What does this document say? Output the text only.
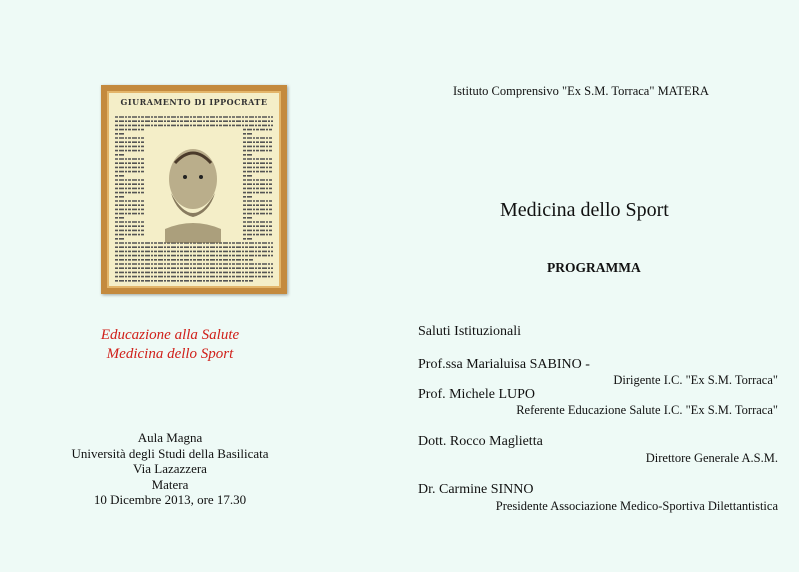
GIURAMENTO DI IPPOCRATE
Educazione alla Salute
Medicina dello Sport
Aula Magna
Università degli Studi della Basilicata
Via Lazazzera
Matera
10 Dicembre 2013, ore 17.30
Istituto Comprensivo "Ex S.M. Torraca" MATERA
Medicina dello Sport
PROGRAMMA
Saluti Istituzionali
Prof.ssa Marialuisa SABINO -
Dirigente I.C. "Ex S.M. Torraca"
Prof. Michele LUPO
Referente Educazione Salute I.C. "Ex S.M. Torraca"
Dott. Rocco Maglietta
Direttore Generale A.S.M.
Dr. Carmine SINNO
Presidente Associazione Medico-Sportiva Dilettantistica
